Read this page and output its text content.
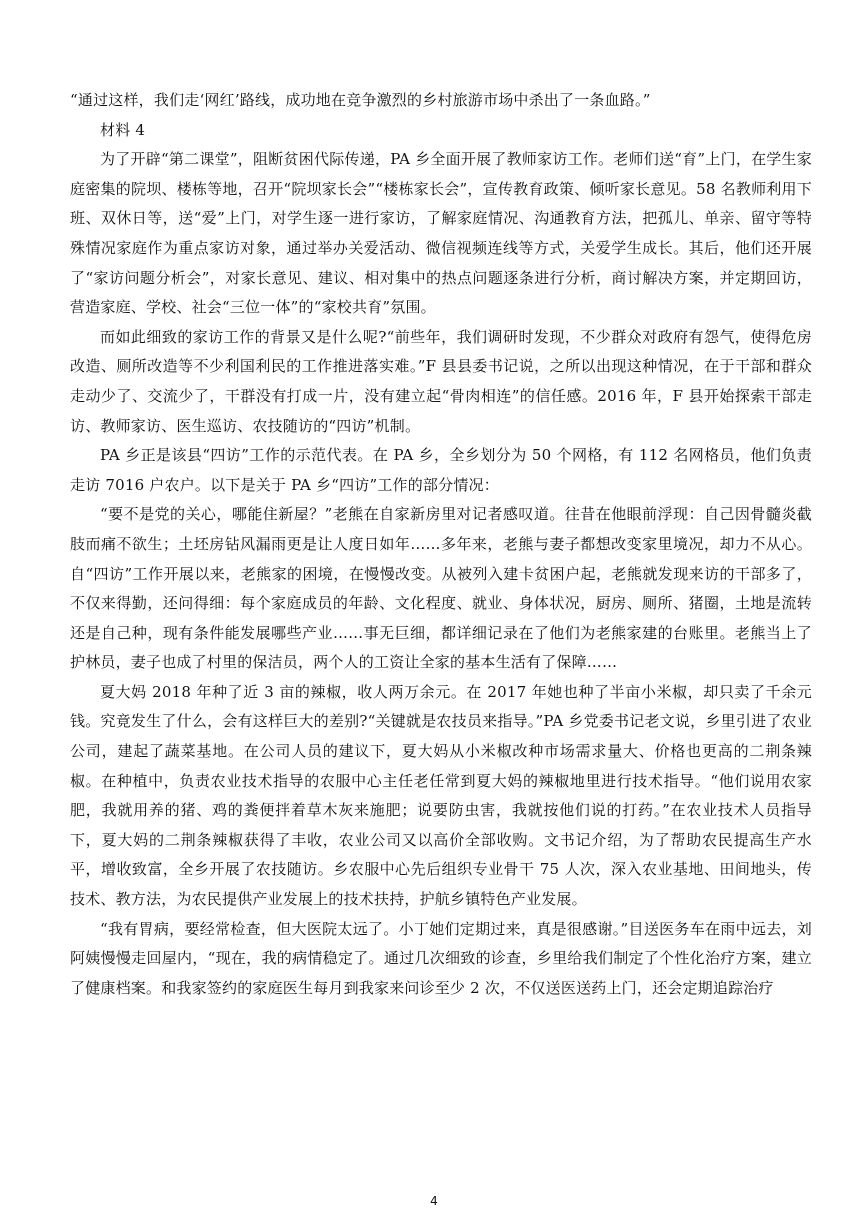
“通过这样，我们走‘网红’路线，成功地在竞争激烈的乡村旅游市场中杀出了一条血路。”

材料 4

为了开辟“第二课堂”，阻断贫困代际传递，PA 乡全面开展了教师家访工作。老师们送“育”上门，在学生家庭密集的院坝、楼栋等地，召开“院坝家长会”“楼栋家长会”，宣传教育政策、倾听家长意见。58 名教师利用下班、双休日等，送“爱”上门，对学生逐一进行家访，了解家庭情况、沟通教育方法，把孤儿、单亲、留守等特殊情况家庭作为重点家访对象，通过举办关爱活动、微信视频连线等方式，关爱学生成长。其后，他们还开展了“家访问题分析会”，对家长意见、建议、相对集中的热点问题逐条进行分析，商讨解决方案，并定期回访，营造家庭、学校、社会“三位一体”的“家校共育”氛围。

而如此细致的家访工作的背景又是什么呢?“前些年，我们调研时发现，不少群众对政府有怨气，使得危房改造、厕所改造等不少利国利民的工作推进落实难。”F 县县委书记说，之所以出现这种情况，在于干部和群众走动少了、交流少了，干群没有打成一片，没有建立起“骨肉相连”的信任感。2016 年，F 县开始探索干部走访、教师家访、医生巡访、农技随访的“四访”机制。

PA 乡正是该县“四访”工作的示范代表。在 PA 乡，全乡划分为 50 个网格，有 112 名网格员，他们负责走访 7016 户农户。以下是关于 PA 乡“四访”工作的部分情况：

“要不是党的关心，哪能住新屋？”老熊在自家新房里对记者感叹道。往昔在他眼前浮现：自己因骨髓炎截肢而痛不欲生；土坯房钻风漏雨更是让人度日如年……多年来，老熊与妻子都想改变家里境况，却力不从心。自“四访”工作开展以来，老熊家的困境，在慢慢改变。从被列入建卡贫困户起，老熊就发现来访的干部多了，不仅来得勤，还问得细：每个家庭成员的年龄、文化程度、就业、身体状况，厨房、厕所、猪圈，土地是流转还是自己种，现有条件能发展哪些产业……事无巨细，都详细记录在了他们为老熊家建的台账里。老熊当上了护林员，妻子也成了村里的保洁员，两个人的工资让全家的基本生活有了保障……

夏大妈 2018 年种了近 3 亩的辣椒，收人两万余元。在 2017 年她也种了半亩小米椒，却只卖了千余元钱。究竟发生了什么，会有这样巨大的差别?“关键就是农技员来指导。”PA 乡党委书记老文说，乡里引进了农业公司，建起了蔬菜基地。在公司人员的建议下，夏大妈从小米椒改种市场需求量大、价格也更高的二荆条辣椒。在种植中，负责农业技术指导的农服中心主任老任常到夏大妈的辣椒地里进行技术指导。“他们说用农家肥，我就用养的猪、鸡的粪便拌着草木灰来施肥；说要防虫害，我就按他们说的打药。”在农业技术人员指导下，夏大妈的二荆条辣椒获得了丰收，农业公司又以高价全部收购。文书记介绍，为了帮助农民提高生产水平，增收致富，全乡开展了农技随访。乡农服中心先后组织专业骨干 75 人次，深入农业基地、田间地头，传技术、教方法，为农民提供产业发展上的技术扶持，护航乡镇特色产业发展。

“我有胃病，要经常检查，但大医院太远了。小丁她们定期过来，真是很感谢。”目送医务车在雨中远去，刘阿姨慢慢走回屋内，“现在，我的病情稳定了。通过几次细致的诊查，乡里给我们制定了个性化治疗方案，建立了健康档案。和我家签约的家庭医生每月到我家来问诊至少 2 次，不仅送医送药上门，还会定期追踪治疗

4
